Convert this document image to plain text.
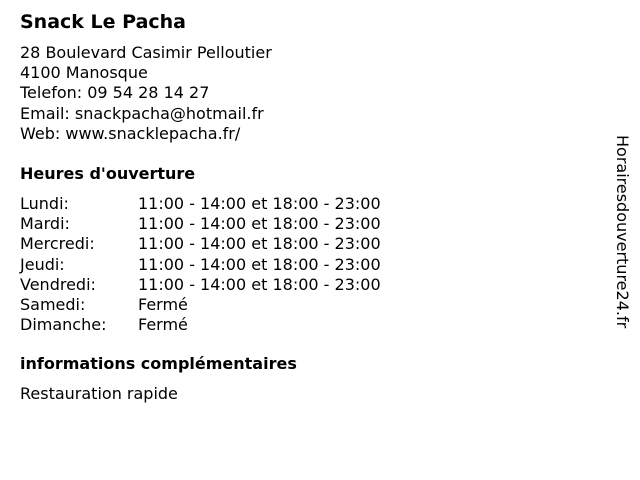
Snack Le Pacha
28 Boulevard Casimir Pelloutier
4100 Manosque
Telefon: 09 54 28 14 27
Email: snackpacha@hotmail.fr
Web: www.snacklepacha.fr/
Heures d'ouverture
Lundi:	11:00 - 14:00 et 18:00 - 23:00
Mardi:	11:00 - 14:00 et 18:00 - 23:00
Mercredi:	11:00 - 14:00 et 18:00 - 23:00
Jeudi:	11:00 - 14:00 et 18:00 - 23:00
Vendredi:	11:00 - 14:00 et 18:00 - 23:00
Samedi:	Fermé
Dimanche:	Fermé
informations complémentaires
Restauration rapide
Horairesdouverture24.fr
